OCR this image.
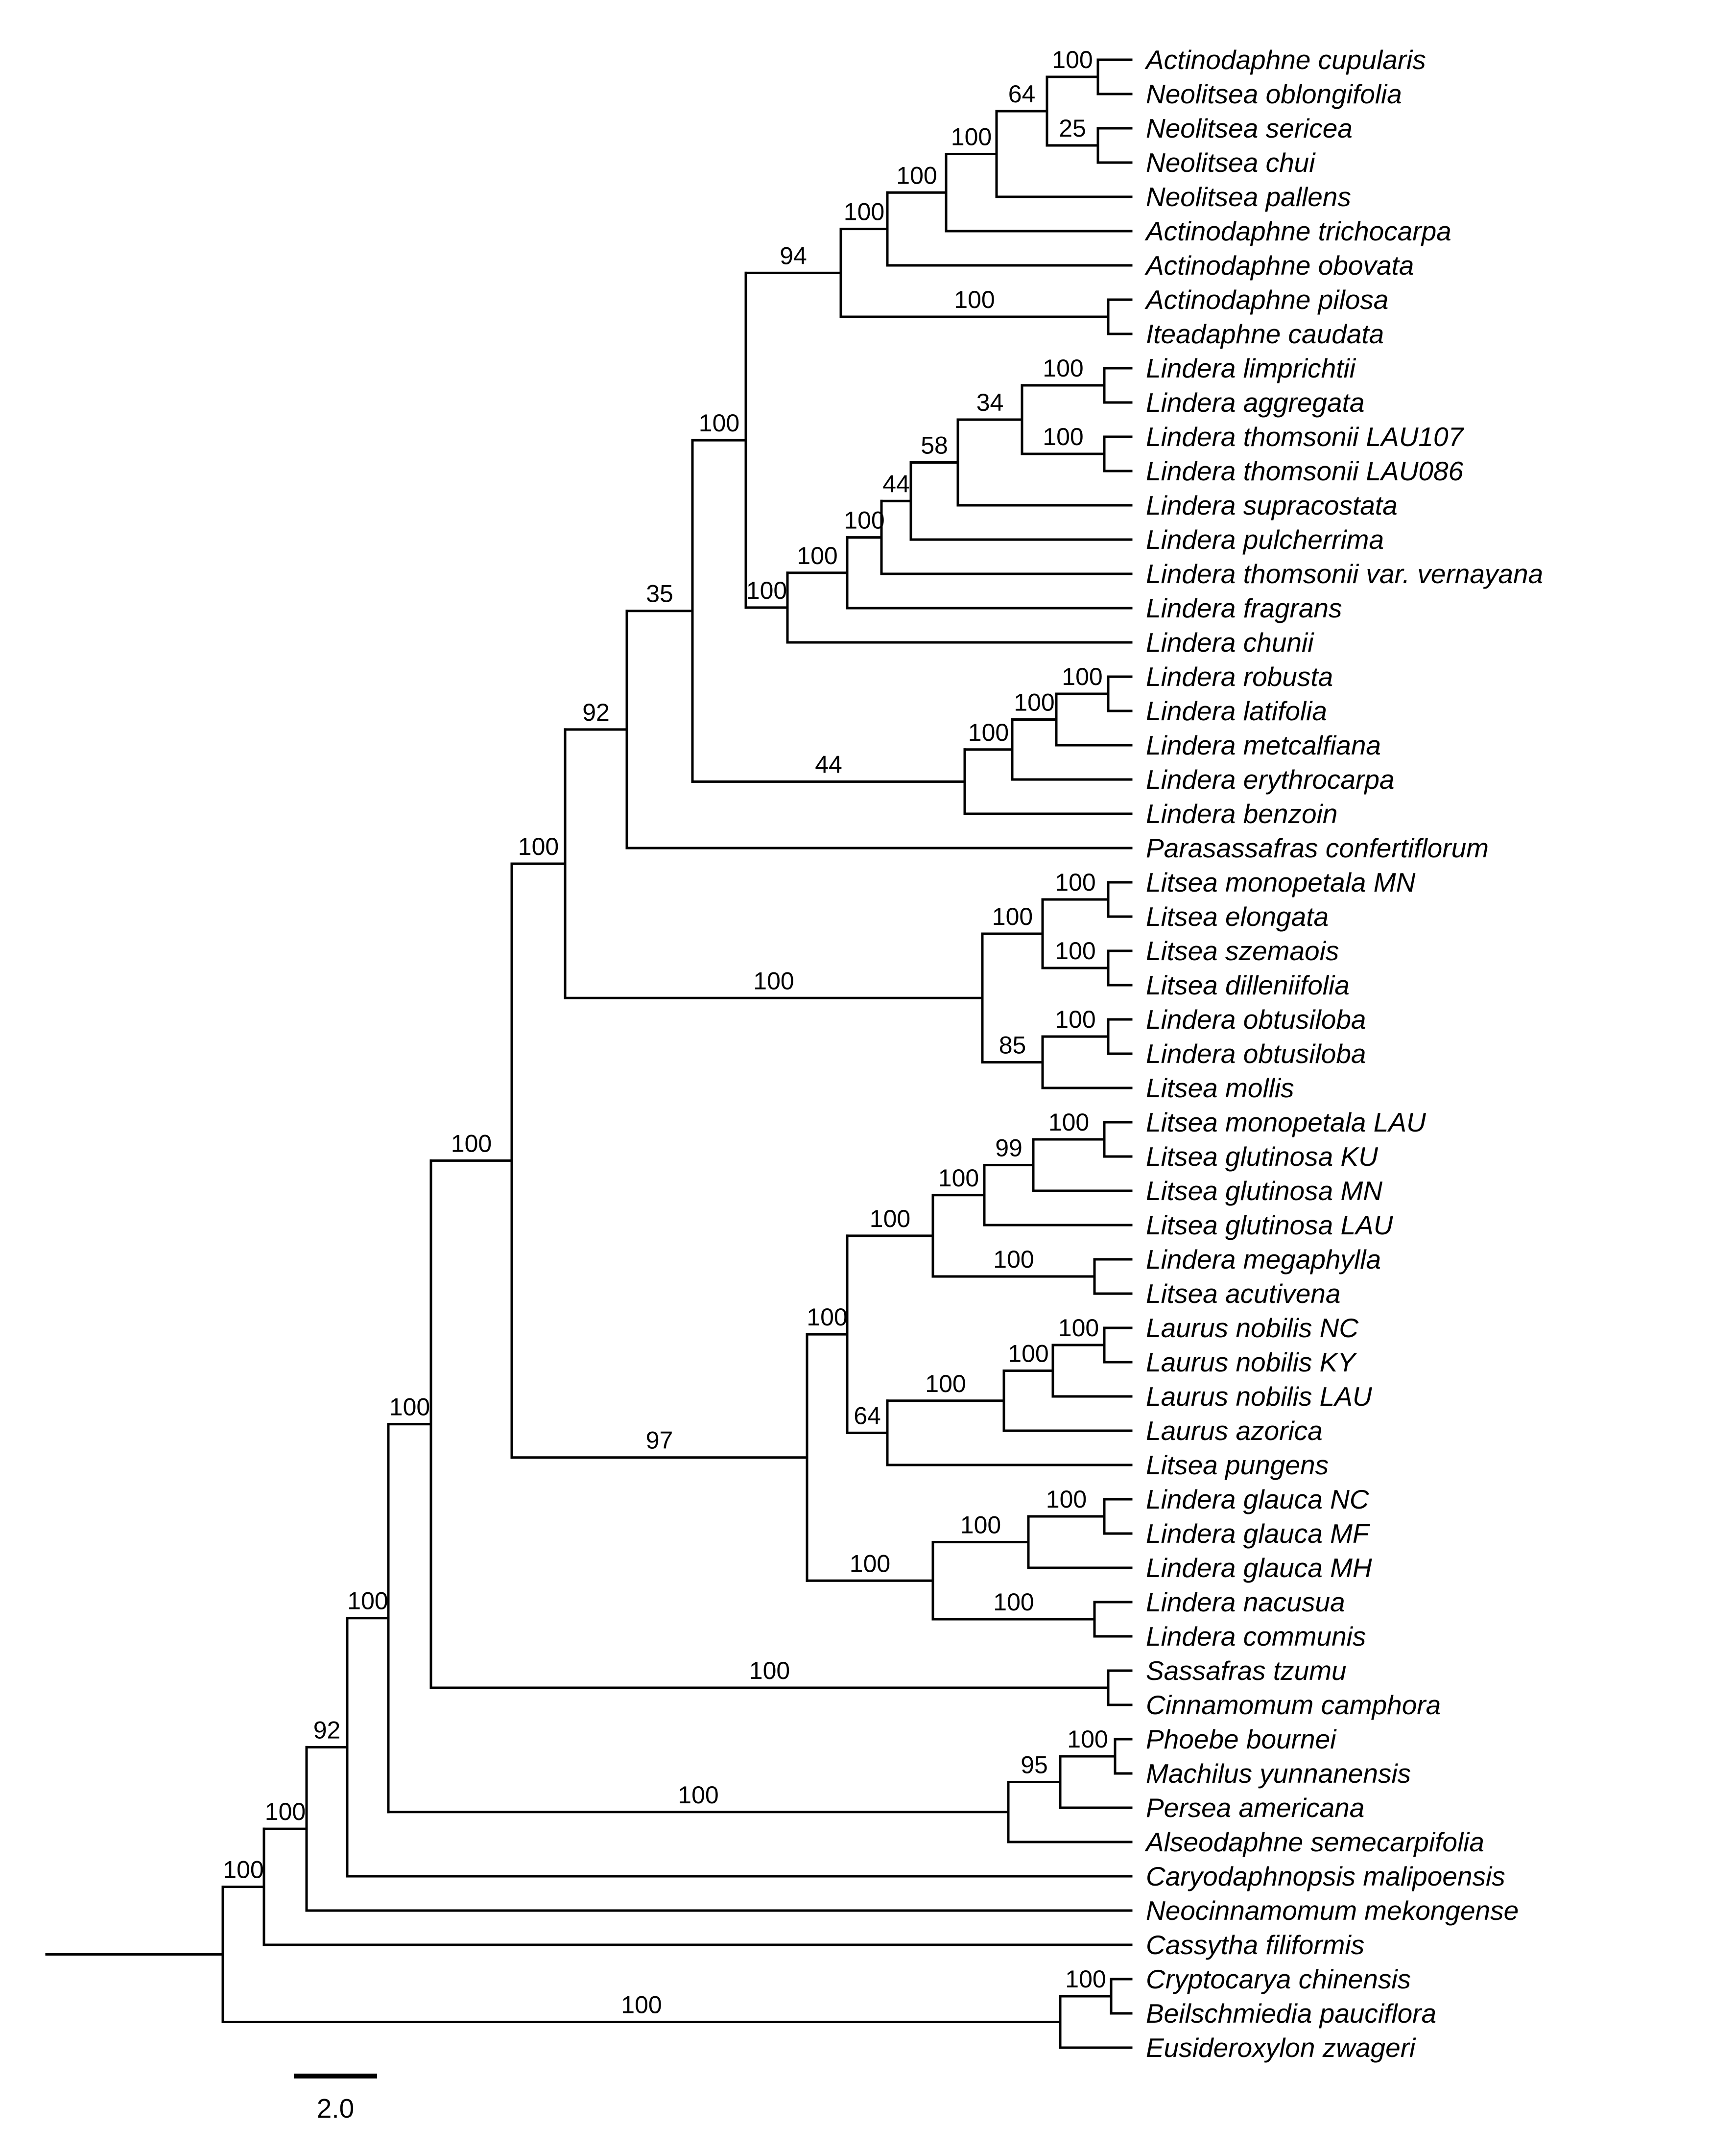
Actinodaphne cupularis
Neolitsea oblongifolia
100
Neolitsea sericea
Neolitsea chui
25
64
Neolitsea pallens
100
Actinodaphne trichocarpa
100
Actinodaphne obovata
100
Actinodaphne pilosa
Iteadaphne caudata
100
94
Lindera limprichtii
Lindera aggregata
100
Lindera thomsonii LAU107
Lindera thomsonii LAU086
100
34
Lindera supracostata
58
Lindera pulcherrima
44
Lindera thomsonii var. vernayana
100
Lindera fragrans
100
Lindera chunii
100
100
Lindera robusta
Lindera latifolia
100
Lindera metcalfiana
100
Lindera erythrocarpa
100
Lindera benzoin
44
35
Parasassafras confertiflorum
92
Litsea monopetala MN
Litsea elongata
100
Litsea szemaois
Litsea dilleniifolia
100
100
Lindera obtusiloba
Lindera obtusiloba
100
Litsea mollis
85
100
100
Litsea monopetala LAU
Litsea glutinosa KU
100
Litsea glutinosa MN
99
Litsea glutinosa LAU
100
Lindera megaphylla
Litsea acutivena
100
100
Laurus nobilis NC
Laurus nobilis KY
100
Laurus nobilis LAU
100
Laurus azorica
100
Litsea pungens
64
100
Lindera glauca NC
Lindera glauca MF
100
Lindera glauca MH
100
Lindera nacusua
Lindera communis
100
100
97
100
Sassafras tzumu
Cinnamomum camphora
100
100
Phoebe bournei
Machilus yunnanensis
100
Persea americana
95
Alseodaphne semecarpifolia
100
100
Caryodaphnopsis malipoensis
92
Neocinnamomum mekongense
100
Cassytha filiformis
100
Cryptocarya chinensis
Beilschmiedia pauciflora
100
Eusideroxylon zwageri
100
2.0
